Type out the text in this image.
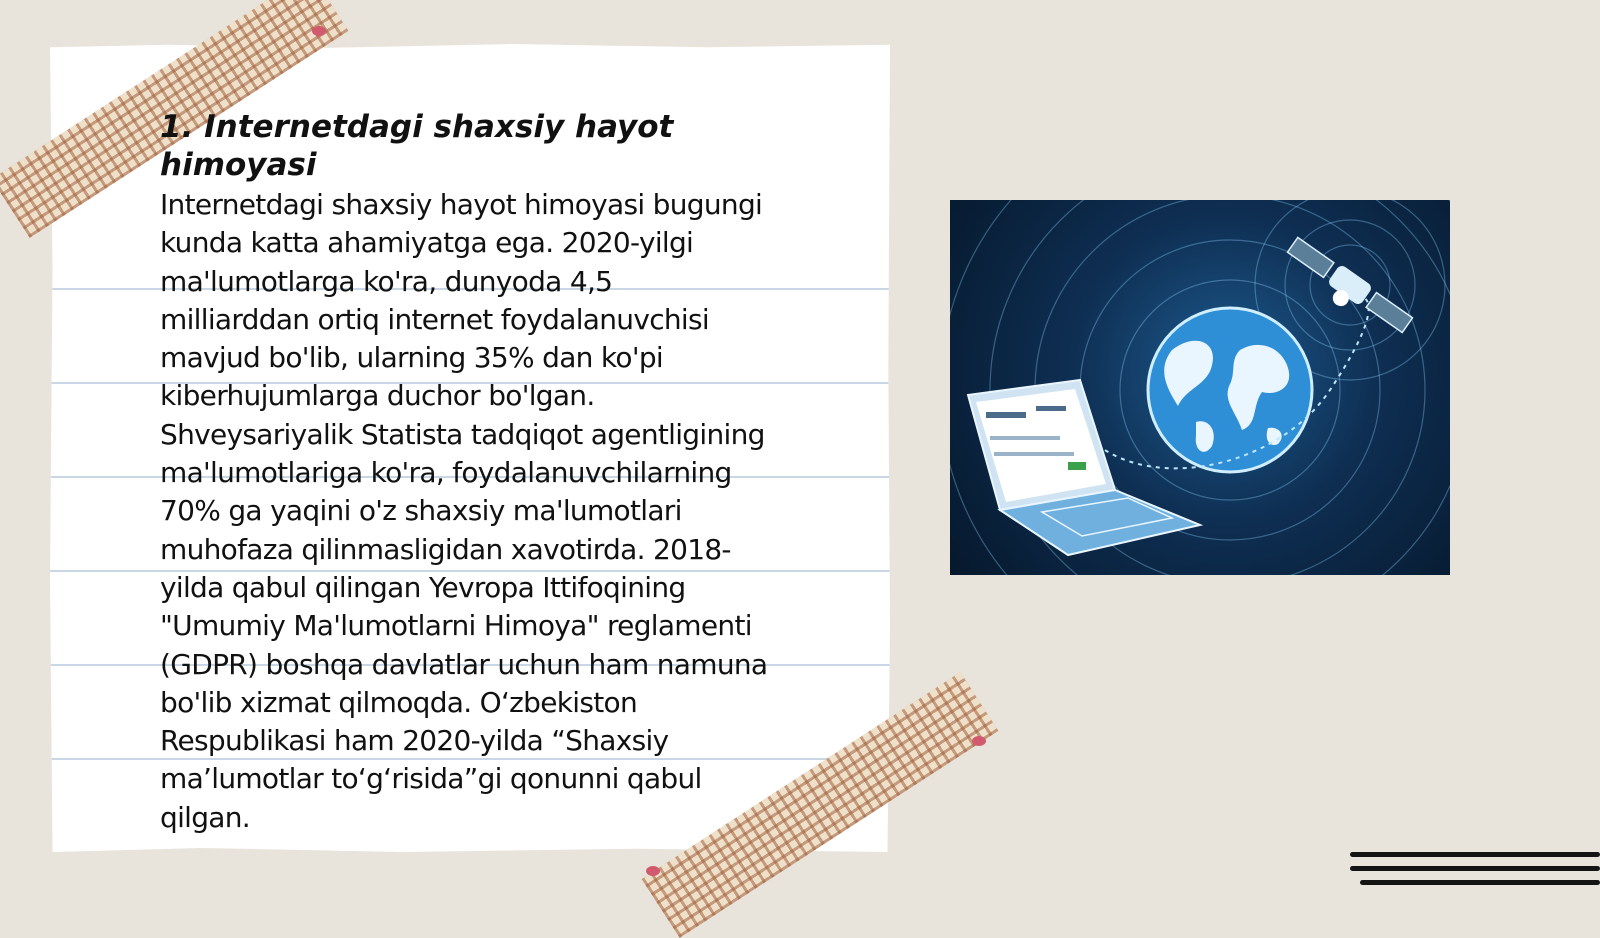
1. Internetdagi shaxsiy hayot himoyasi

Internetdagi shaxsiy hayot himoyasi bugungi
kunda katta ahamiyatga ega. 2020-yilgi
ma'lumotlarga ko'ra, dunyoda 4,5
milliarddan ortiq internet foydalanuvchisi
mavjud bo'lib, ularning 35% dan ko'pi
kiberhujumlarga duchor bo'lgan.
Shveysariyalik Statista tadqiqot agentligining
ma'lumotlariga ko'ra, foydalanuvchilarning
70% ga yaqini o'z shaxsiy ma'lumotlari
muhofaza qilinmasligidan xavotirda. 2018-
yilda qabul qilingan Yevropa Ittifoqining
"Umumiy Ma'lumotlarni Himoya" reglamenti
(GDPR) boshqa davlatlar uchun ham namuna
bo'lib xizmat qilmoqda. O‘zbekiston
Respublikasi ham 2020-yilda “Shaxsiy
ma’lumotlar to‘g‘risida”gi qonunni qabul
qilgan.
